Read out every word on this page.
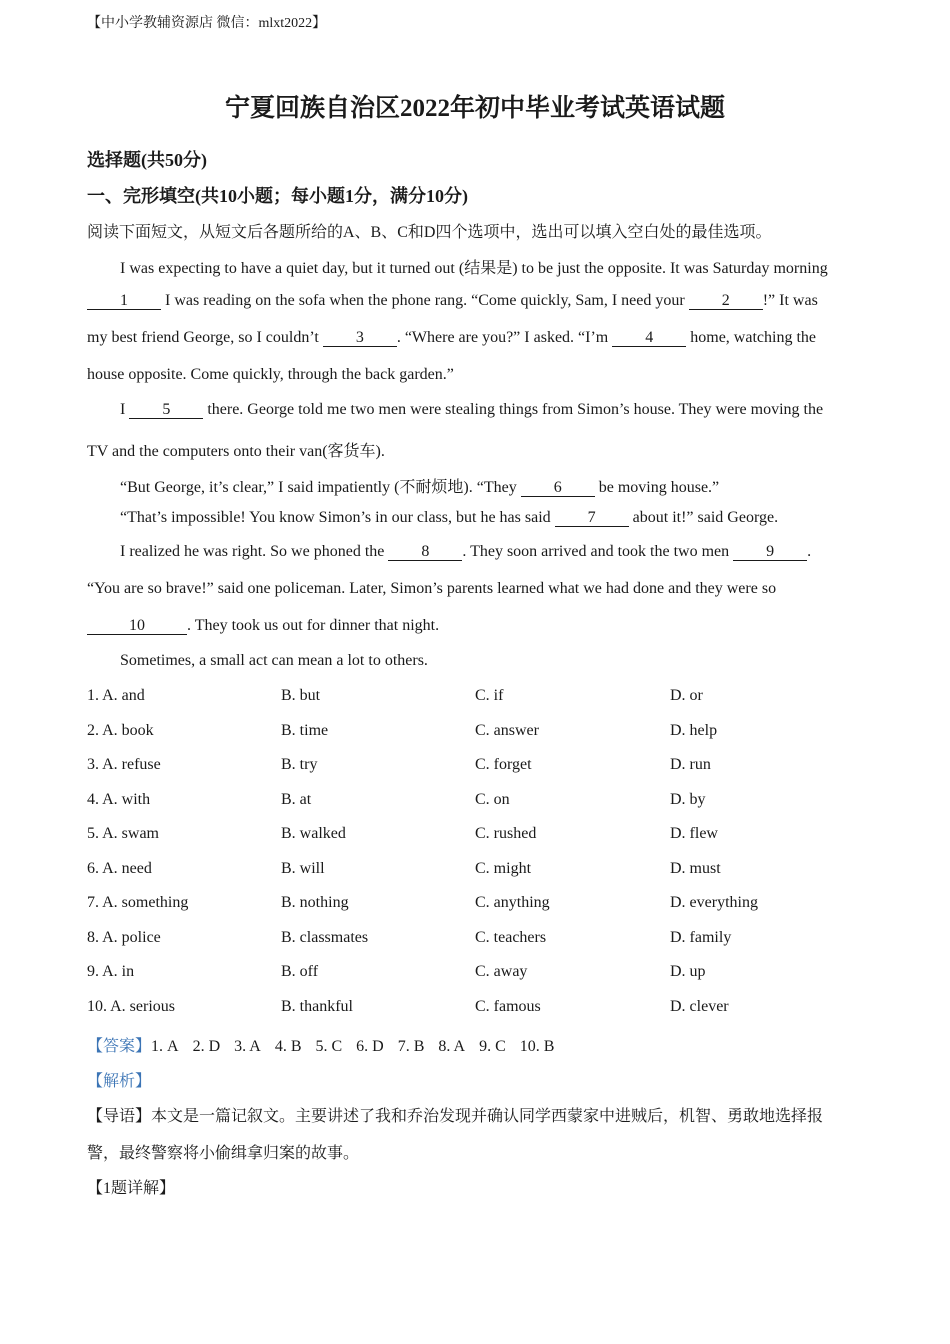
【中小学教辅资源店 微信：mlxt2022】
宁夏回族自治区2022年初中毕业考试英语试题
选择题(共50分)
一、完形填空(共10小题；每小题1分，满分10分)
阅读下面短文，从短文后各题所给的A、B、C和D四个选项中，选出可以填入空白处的最佳选项。
I was expecting to have a quiet day, but it turned out (结果是) to be just the opposite. It was Saturday morning
1 I was reading on the sofa when the phone rang. “Come quickly, Sam, I need your 2 !” It was
my best friend George, so I couldn’t 3 . “Where are you?” I asked. “I’m 4 home, watching the
house opposite. Come quickly, through the back garden.”
I 5 there. George told me two men were stealing things from Simon’s house. They were moving the
TV and the computers onto their van(客货车).
“But George, it’s clear,” I said impatiently (不耐烦地). “They 6 be moving house.”
“That’s impossible! You know Simon’s in our class, but he has said 7 about it!” said George.
I realized he was right. So we phoned the 8 . They soon arrived and took the two men 9 .
“You are so brave!” said one policeman. Later, Simon’s parents learned what we had done and they were so
10	. They took us out for dinner that night.
Sometimes, a small act can mean a lot to others.
1. A. and	B. but	C. if	D. or
2. A. book	B. time	C. answer	D. help
3. A. refuse	B. try	C. forget	D. run
4. A. with	B. at	C. on	D. by
5. A. swam	B. walked	C. rushed	D. flew
6. A. need	B. will	C. might	D. must
7. A. something	B. nothing	C. anything	D. everything
8. A. police	B. classmates	C. teachers	D. family
9. A. in	B. off	C. away	D. up
10. A. serious	B. thankful	C. famous	D. clever
【答案】1. A 2. D 3. A 4. B 5. C 6. D 7. B 8. A 9. C 10. B
【解析】
【导语】本文是一篇记叙文。主要讲述了我和乔治发现并确认同学西蒙家中进贼后，机智、勇敢地选择报
警，最终警察将小偷缉拿归案的故事。
【1题详解】
